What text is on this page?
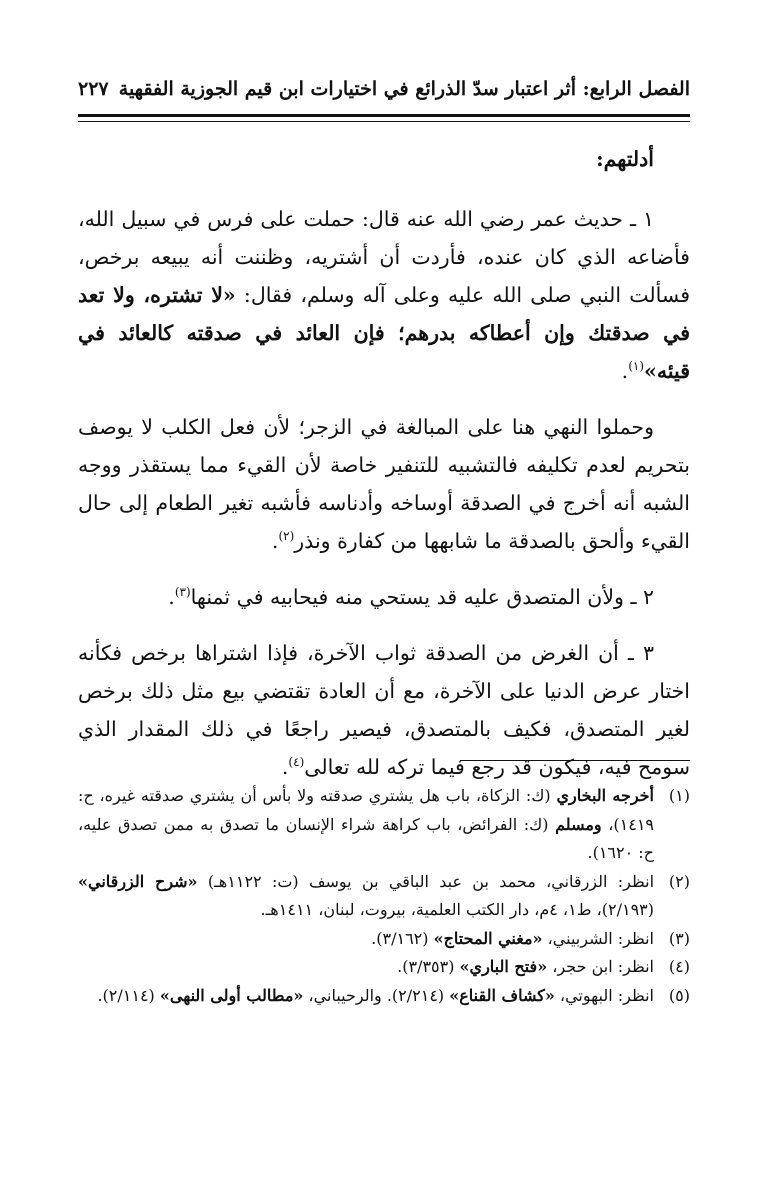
الفصل الرابع: أثر اعتبار سدّ الذرائع في اختيارات ابن قيم الجوزية الفقهية
٢٢٧

أدلتهم:

١ ـ حديث عمر رضي الله عنه قال: حملت على فرس في سبيل الله، فأضاعه الذي كان عنده، فأردت أن أشتريه، وظننت أنه يبيعه برخص، فسألت النبي صلى الله عليه وعلى آله وسلم، فقال: «لا تشتره، ولا تعد في صدقتك وإن أعطاكه بدرهم؛ فإن العائد في صدقته كالعائد في قيئه»$^{(١)}$.

وحملوا النهي هنا على المبالغة في الزجر؛ لأن فعل الكلب لا يوصف بتحريم لعدم تكليفه فالتشبيه للتنفير خاصة لأن القيء مما يستقذر ووجه الشبه أنه أخرج في الصدقة أوساخه وأدناسه فأشبه تغير الطعام إلى حال القيء وألحق بالصدقة ما شابهها من كفارة ونذر$^{(٢)}$.

٢ ـ ولأن المتصدق عليه قد يستحي منه فيحابيه في ثمنها$^{(٣)}$.

٣ ـ أن الغرض من الصدقة ثواب الآخرة، فإذا اشتراها برخص فكأنه اختار عرض الدنيا على الآخرة، مع أن العادة تقتضي بيع مثل ذلك برخص لغير المتصدق، فكيف بالمتصدق، فيصير راجعًا في ذلك المقدار الذي سومح فيه، فيكون قد رجع فيما تركه لله تعالى$^{(٤)}$.

(١)
أخرجه البخاري (ك: الزكاة، باب هل يشتري صدقته ولا بأس أن يشتري صدقته غيره، ح: ١٤١٩)، ومسلم (ك: الفرائض، باب كراهة شراء الإنسان ما تصدق به ممن تصدق عليه، ح: ١٦٢٠).
(٢)
انظر: الزرقاني، محمد بن عبد الباقي بن يوسف (ت: ١١٢٢هـ) «شرح الزرقاني» (٢/١٩٣)، ط١، ٤م، دار الكتب العلمية، بيروت، لبنان، ١٤١١هـ.
(٣)
انظر: الشربيني، «مغني المحتاج» (٣/١٦٢).
(٤)
انظر: ابن حجر، «فتح الباري» (٣/٣٥٣).
(٥)
انظر: البهوتي، «كشاف القناع» (٢/٢١٤). والرحيباني، «مطالب أولى النهى» (٢/١١٤).
